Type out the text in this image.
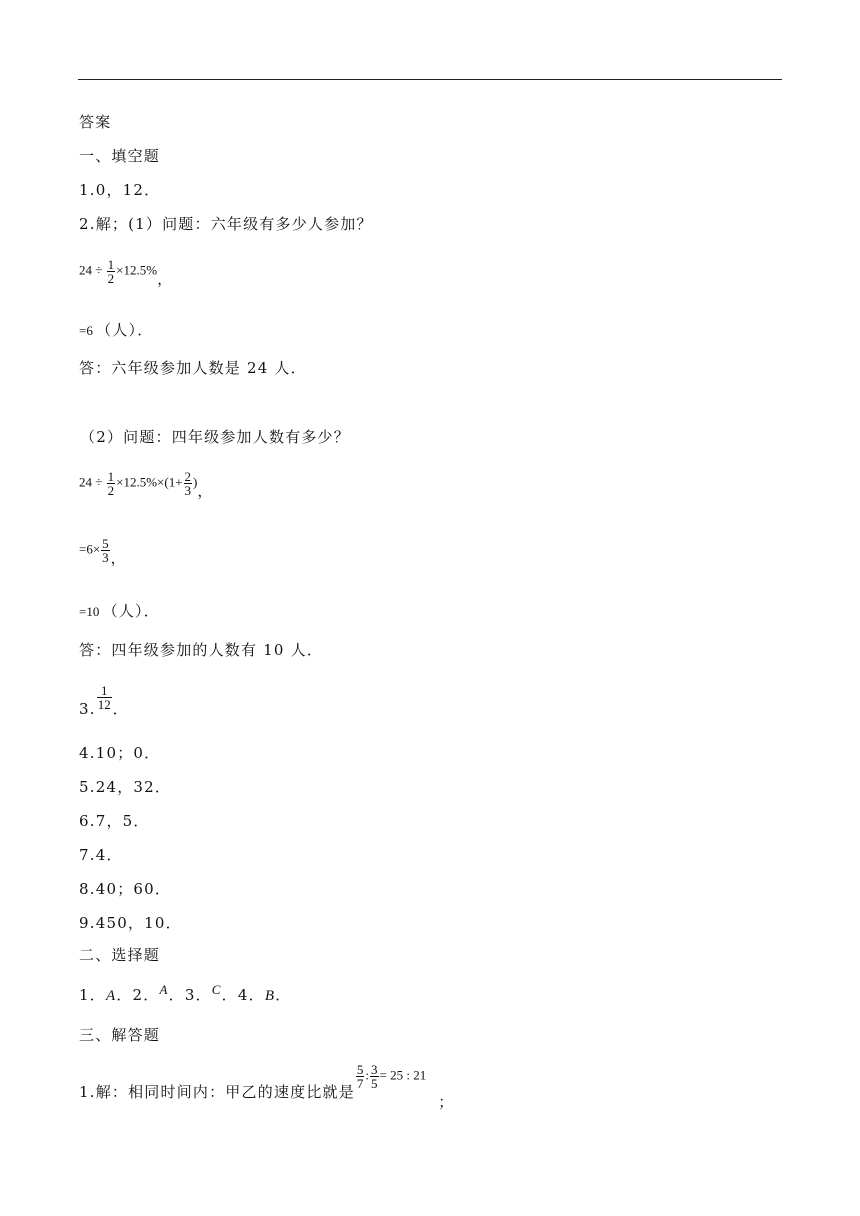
答案
一、填空题
1.0，12．
2.解；(1）问题：六年级有多少人参加？
$24 \div \frac{1}{2} \times 12.5\%$，
=6 （人）．
答：六年级参加人数是 24 人．
（2）问题：四年级参加人数有多少？
$24 \div \frac{1}{2} \times 12.5\%\times(1+ \frac{2}{3}$ )，
$=6\times \frac{5}{3}$ ，
=10 （人）．
答：四年级参加的人数有 10 人．
3. $\frac{1}{12}$ ．
4.10；0．
5.24，32．
6.7，5．
7.4．
8.40；60．
9.450，10．
二、选择题
1．A．2．A．3．C．4．B．
三、解答题
1.解：相同时间内：甲乙的速度比就是
$\frac{5}{7}$ : $\frac{3}{5} = 25$ : 21；
